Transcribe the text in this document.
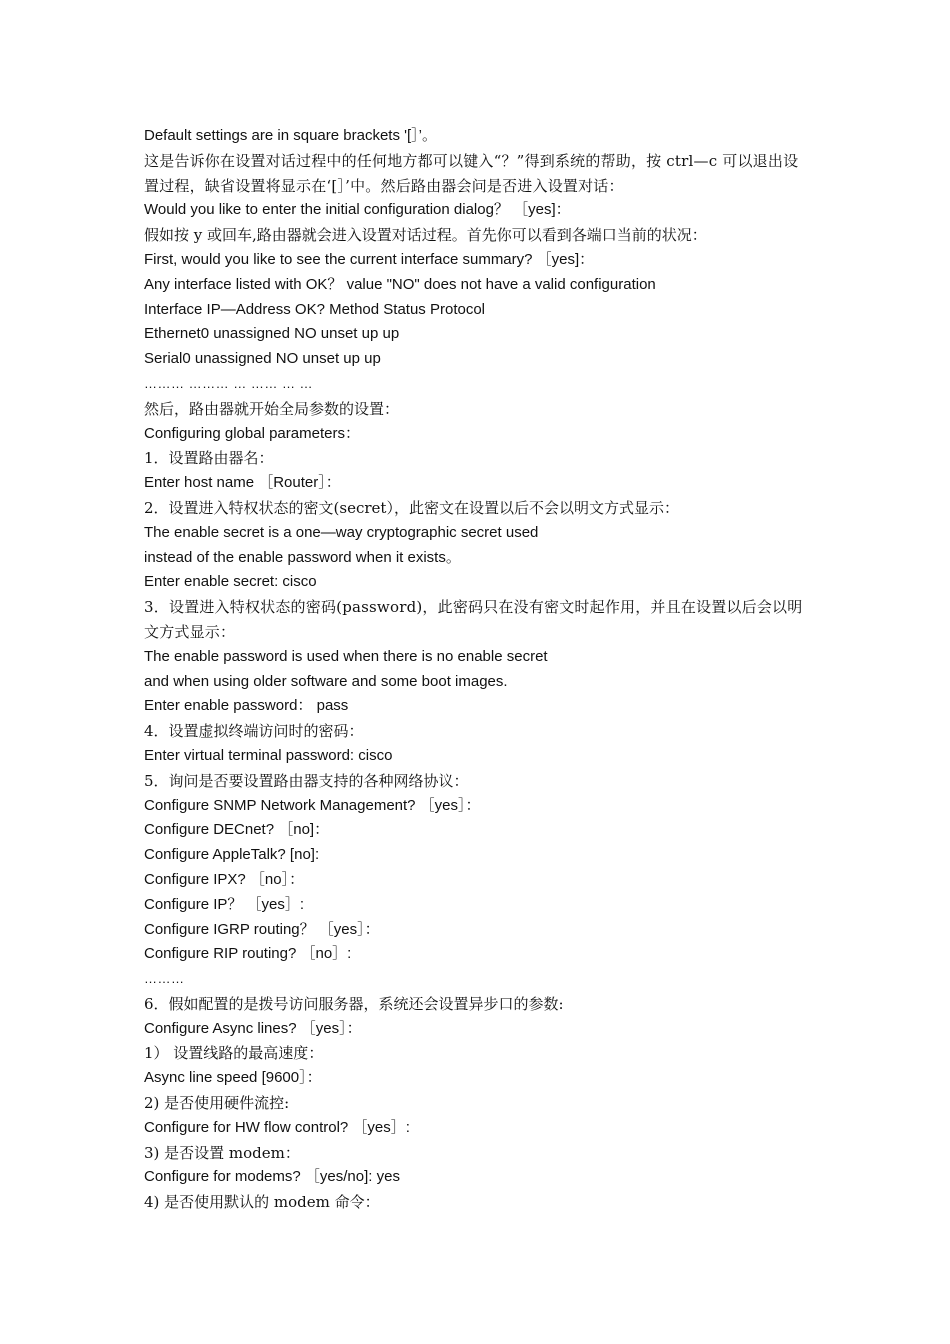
Default settings are in square brackets '[］’。
这是告诉你在设置对话过程中的任何地方都可以键入“？”得到系统的帮助，按 ctrl—c 可以退出设置过程，缺省设置将显示在‘[］’中。然后路由器会问是否进入设置对话：
Would you like to enter the initial configuration dialog？ ［yes]：
假如按 y 或回车,路由器就会进入设置对话过程。首先你可以看到各端口当前的状况：
First, would you like to see the current interface summary? ［yes]：
Any interface listed with OK？ value "NO" does not have a valid configuration
Interface IP—Address OK? Method Status Protocol
Ethernet0 unassigned NO unset up up
Serial0 unassigned NO unset up up
……… ……… … …… … …
然后，路由器就开始全局参数的设置：
Configuring global parameters：
1．设置路由器名：
Enter host name ［Router］：
2．设置进入特权状态的密文(secret），此密文在设置以后不会以明文方式显示：
The enable secret is a one—way cryptographic secret used
instead of the enable password when it exists。
Enter enable secret: cisco
3．设置进入特权状态的密码(password)，此密码只在没有密文时起作用，并且在设置以后会以明文方式显示：
The enable password is used when there is no enable secret
and when using older software and some boot images.
Enter enable password： pass
4．设置虚拟终端访问时的密码：
Enter virtual terminal password: cisco
5．询问是否要设置路由器支持的各种网络协议：
Configure SNMP Network Management? ［yes］：
Configure DECnet? ［no]：
Configure AppleTalk? [no]:
Configure IPX? ［no］：
Configure IP？ ［yes］:
Configure IGRP routing？ ［yes］：
Configure RIP routing? ［no］:
………
6．假如配置的是拨号访问服务器，系统还会设置异步口的参数:
Configure Async lines? ［yes］：
1） 设置线路的最高速度：
Async line speed [9600］：
2) 是否使用硬件流控:
Configure for HW flow control? ［yes］:
3) 是否设置 modem：
Configure for modems? ［yes/no]: yes
4) 是否使用默认的 modem 命令：
